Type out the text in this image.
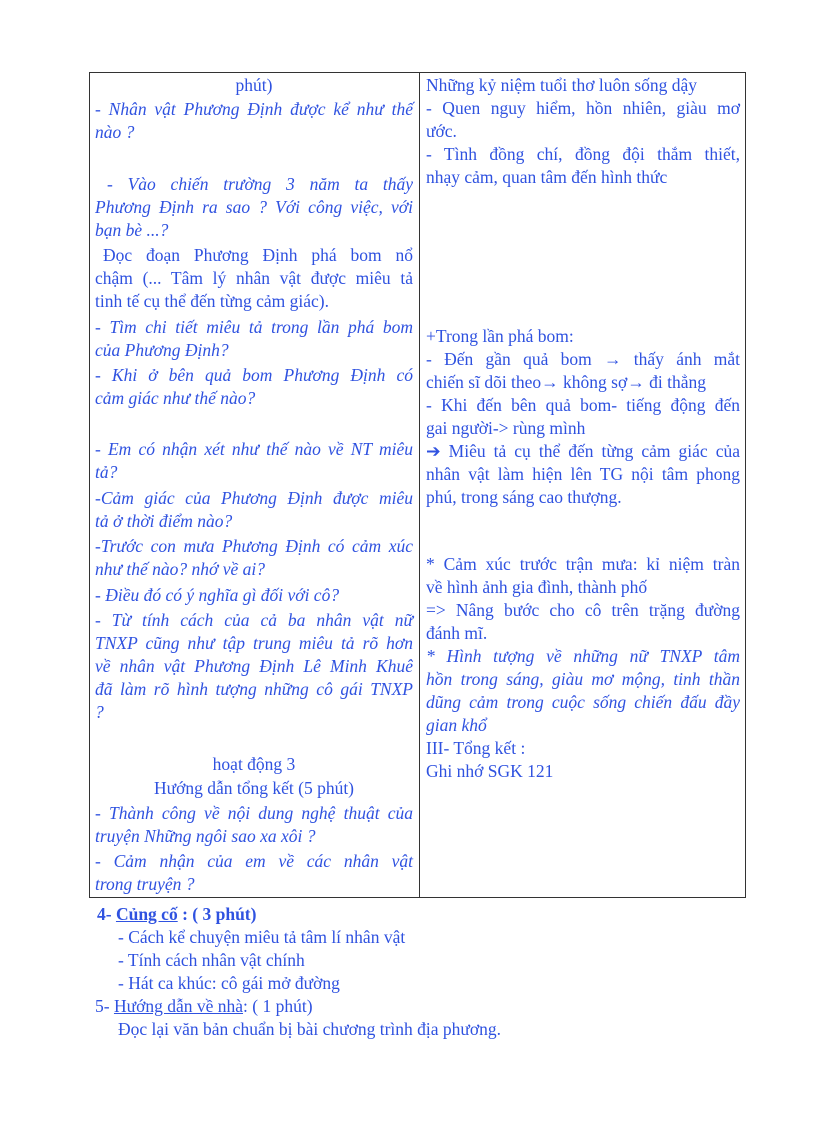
phút)
- Nhân vật Phương Định được kể như thế
nào ?
- Vào chiến trường 3 năm ta thấy
Phương Định ra sao ? Với công việc, với
bạn bè ...?
Đọc đoạn Phương Định phá bom nổ
chậm (... Tâm lý nhân vật được miêu tả
tinh tế cụ thể đến từng cảm giác).
- Tìm chi tiết miêu tả trong lần phá bom
của Phương Định?
- Khi ở bên quả bom Phương Định có
cảm giác như thế nào?
- Em có nhận xét như thế nào về NT miêu
tả?
-Cảm giác của Phương Định được miêu
tả ở thời điểm nào?
-Trước con mưa Phương Định có cảm xúc
như thế nào? nhớ về ai?
- Điều đó có ý nghĩa gì đối với cô?
- Từ tính cách của cả ba nhân vật nữ
TNXP cũng như tập trung miêu tả rõ hơn
về nhân vật Phương Định Lê Minh Khuê
đã làm rõ hình tượng những cô gái TNXP
?
hoạt động 3
Hướng dẫn tổng kết (5 phút)
- Thành công về nội dung nghệ thuật của
truyện Những ngôi sao xa xôi ?
- Cảm nhận của em về các nhân vật
trong truyện ?
Những kỷ niệm tuổi thơ luôn sống dậy
- Quen nguy hiểm, hồn nhiên, giàu mơ
ước.
- Tình đồng chí, đồng đội thắm thiết,
nhạy cảm, quan tâm đến hình thức
+Trong lần phá bom:
- Đến gần quả bom → thấy ánh mắt
chiến sĩ dõi theo→ không sợ→ đi thẳng
- Khi đến bên quả bom- tiếng động đến
gai người-> rùng mình
➔ Miêu tả cụ thể đến từng cảm giác của
nhân vật làm hiện lên TG nội tâm phong
phú, trong sáng cao thượng.
* Cảm xúc trước trận mưa: kỉ niệm tràn
về hình ảnh gia đình, thành phố
=> Nâng bước cho cô trên trặng đường
đánh mĩ.
* Hình tượng về những nữ TNXP tâm
hồn trong sáng, giàu mơ mộng, tinh thần
dũng cảm trong cuộc sống chiến đấu đầy
gian khổ
III- Tổng kết :
Ghi nhớ SGK 121
4- Củng cố : ( 3 phút)
- Cách kể chuyện miêu tả tâm lí nhân vật
- Tính cách nhân vật chính
- Hát ca khúc: cô gái mở đường
5- Hướng dẫn về nhà: ( 1 phút)
Đọc lại văn bản chuẩn bị bài chương trình địa phương.
